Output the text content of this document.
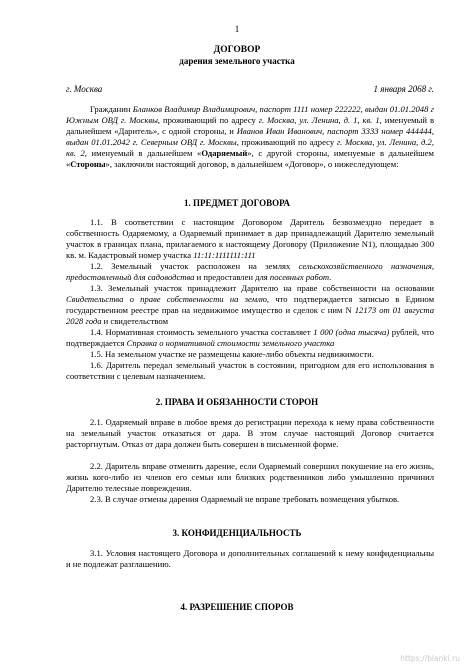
1
ДОГОВОР
дарения земельного участка
г. Москва	1 января 2068 г.
Гражданин Бланков Владимир Владимирович, паспорт 1111 номер 222222, выдан 01.01.2048 г Южным ОВД г. Москвы, проживающий по адресу г. Москва, ул. Ленина, д. 1, кв. 1, именуемый в дальнейшем «Даритель», с одной стороны, и Иванов Иван Иванович, паспорт 3333 номер 444444, выдан 01.01.2042 г. Северным ОВД г. Москвы, проживающий по адресу г. Москва, ул. Ленина, д.2, кв. 2, именуемый в дальнейшем «Одаряемый», с другой стороны, именуемые в дальнейшем «Стороны», заключили настоящий договор, в дальнейшем «Договор», о нижеследующем:
1. ПРЕДМЕТ ДОГОВОРА
1.1. В соответствии с настоящим Договором Даритель безвозмездно передает в собственность Одаряемому, а Одаряемый принимает в дар принадлежащий Дарителю земельный участок в границах плана, прилагаемого к настоящему Договору (Приложение N1), площадью 300 кв. м. Кадастровый номер участка 11:11:1111111:111
1.2. Земельный участок расположен на землях сельскохозяйственного назначения, предоставленный для садоводства и предоставлен для посевных работ.
1.3. Земельный участок принадлежит Дарителю на праве собственности на основании Свидетельства о праве собственности на землю, что подтверждается записью в Едином государственном реестре прав на недвижимое имущество и сделок с ним N 12173 от 01 августа 2028 года и свидетельством
1.4. Нормативная стоимость земельного участка составляет 1 000 (одна тысяча) рублей, что подтверждается Справка о нормативной стоимости земельного участка
1.5. На земельном участке не размещены какие-либо объекты недвижимости.
1.6. Даритель передал земельный участок в состоянии, пригодном для его использования в соответствии с целевым назначением.
2. ПРАВА И ОБЯЗАННОСТИ СТОРОН
2.1. Одаряемый вправе в любое время до регистрации перехода к нему права собственности на земельный участок отказаться от дара. В этом случае настоящий Договор считается расторгнутым. Отказ от дара должен быть совершен в письменной форме.
2.2. Даритель вправе отменить дарение, если Одаряемый совершил покушение на его жизнь, жизнь кого-либо из членов его семьи или близких родственников либо умышленно причинил Дарителю телесные повреждения.
2.3. В случае отмены дарения Одаряемый не вправе требовать возмещения убытков.
3. КОНФИДЕНЦИАЛЬНОСТЬ
3.1. Условия настоящего Договора и дополнительных соглашений к нему конфиденциальны и не подлежат разглашению.
4. РАЗРЕШЕНИЕ СПОРОВ
https://blanki.ru
